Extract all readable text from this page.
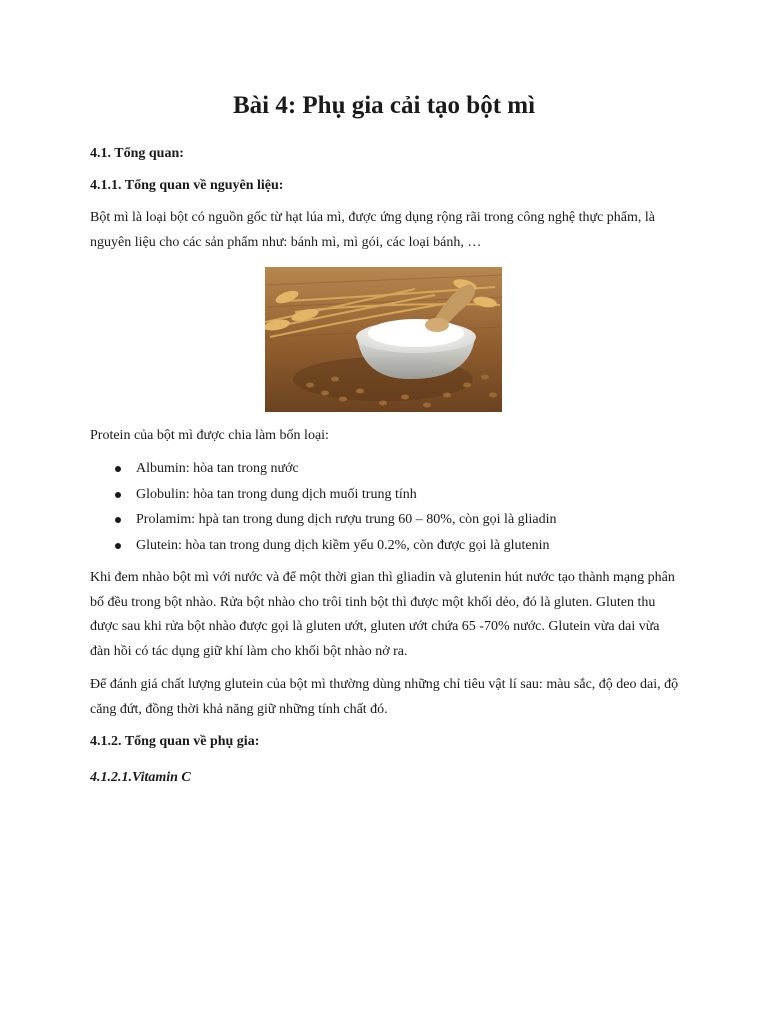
Bài 4: Phụ gia cải tạo bột mì
4.1. Tổng quan:
4.1.1. Tổng quan về nguyên liệu:

Bột mì là loại bột có nguồn gốc từ hạt lúa mì, được ứng dụng rộng rãi trong công nghệ thực phẩm, là
nguyên liệu cho các sản phẩm như: bánh mì, mì gói, các loại bánh, …

Protein của bột mì được chia làm bốn loại:

Albumin: hòa tan trong nước
Globulin: hòa tan trong dung dịch muối trung tính
Prolamim: hpà tan trong dung dịch rượu trung 60 – 80%, còn gọi là gliadin
Glutein: hòa tan trong dung dịch kiềm yếu 0.2%, còn được gọi là glutenin

Khi đem nhào bột mì với nước và để một thời gian thì gliadin và glutenin hút nước tạo thành mạng phân
bố đều trong bột nhào. Rửa bột nhào cho trôi tinh bột thì được một khối dẻo, đó là gluten. Gluten thu
được sau khi rửa bột nhào được gọi là gluten ướt, gluten ướt chứa 65 -70% nước. Glutein vừa dai vừa
đàn hồi có tác dụng giữ khí làm cho khối bột nhào nở ra.

Để đánh giá chất lượng glutein của bột mì thường dùng những chỉ tiêu vật lí sau: màu sắc, độ deo dai, độ
căng đứt, đồng thời khả năng giữ những tính chất đó.

4.1.2. Tổng quan về phụ gia:
4.1.2.1.Vitamin C
